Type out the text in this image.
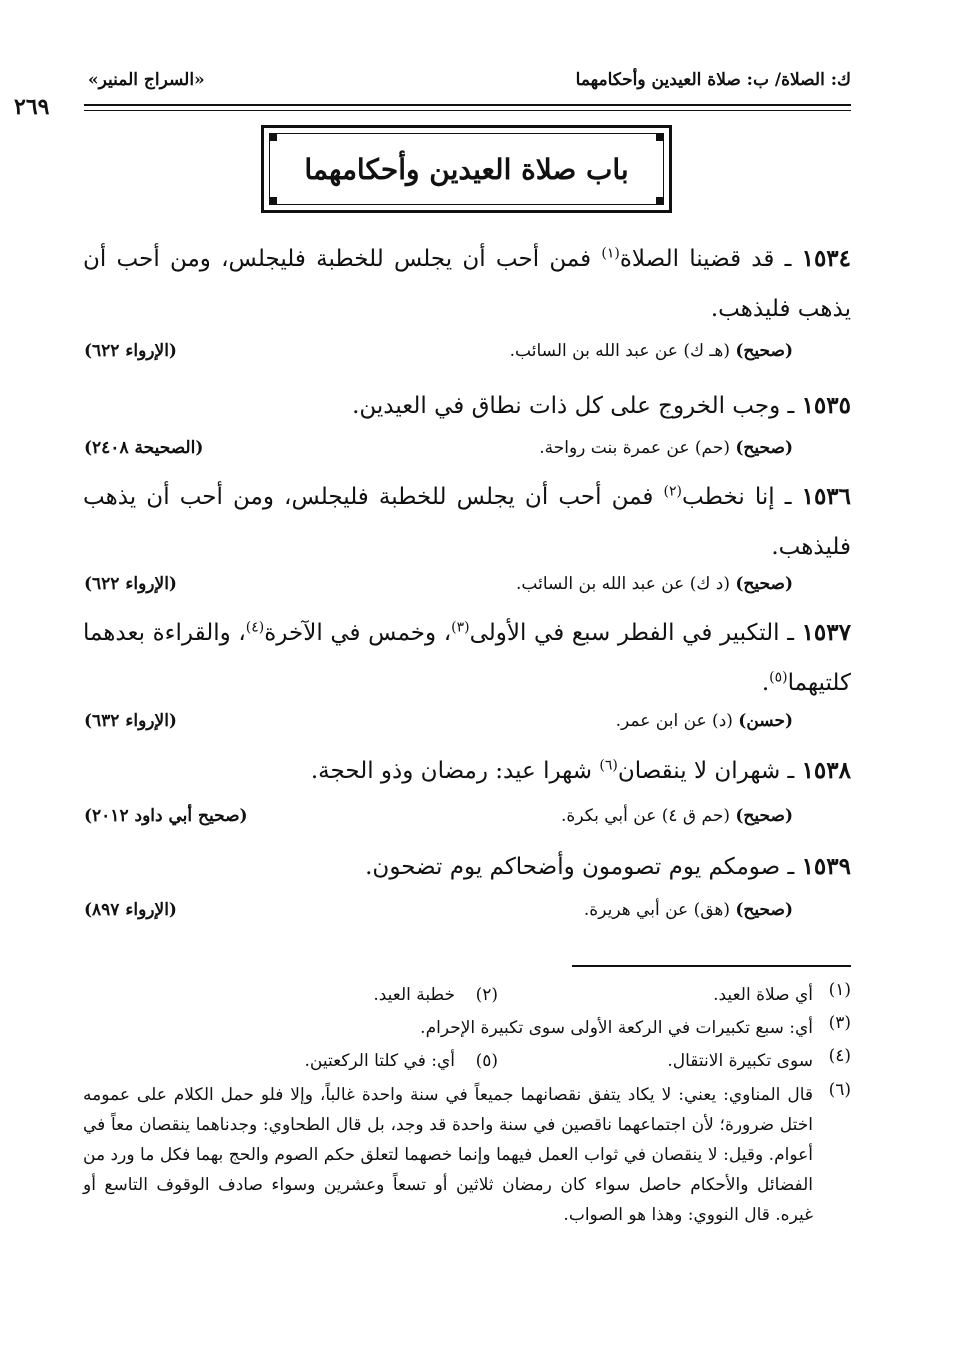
ك: الصلاة/ ب: صلاة العيدين وأحكامهما
«السراج المنير»
٢٦٩
باب صلاة العيدين وأحكامهما
١٥٣٤ ـ قد قضينا الصلاة$^{(١)}$ فمن أحب أن يجلس للخطبة فليجلس، ومن أحب أن يذهب فليذهب.
(صحيح) (هـ ك) عن عبد الله بن السائب.
(الإرواء ٦٢٢)
١٥٣٥ ـ وجب الخروج على كل ذات نطاق في العيدين.
(صحيح) (حم) عن عمرة بنت رواحة.
(الصحيحة ٢٤٠٨)
١٥٣٦ ـ إنا نخطب$^{(٢)}$ فمن أحب أن يجلس للخطبة فليجلس، ومن أحب أن يذهب فليذهب.
(صحيح) (د ك) عن عبد الله بن السائب.
(الإرواء ٦٢٢)
١٥٣٧ ـ التكبير في الفطر سبع في الأولى$^{(٣)}$، وخمس في الآخرة$^{(٤)}$، والقراءة بعدهما كلتيهما$^{(٥)}$.
(حسن) (د) عن ابن عمر.
(الإرواء ٦٣٢)
١٥٣٨ ـ شهران لا ينقصان$^{(٦)}$ شهرا عيد: رمضان وذو الحجة.
(صحيح) (حم ق ٤) عن أبي بكرة.
(صحيح أبي داود ٢٠١٢)
١٥٣٩ ـ صومكم يوم تصومون وأضحاكم يوم تضحون.
(صحيح) (هق) عن أبي هريرة.
(الإرواء ٨٩٧)
(١)
أي صلاة العيد.
(٢)
خطبة العيد.
(٣)
أي: سبع تكبيرات في الركعة الأولى سوى تكبيرة الإحرام.
(٤)
سوى تكبيرة الانتقال.
(٥)
أي: في كلتا الركعتين.
(٦)
قال المناوي: يعني: لا يكاد يتفق نقصانهما جميعاً في سنة واحدة غالباً، وإلا فلو حمل الكلام على عمومه اختل ضرورة؛ لأن اجتماعهما ناقصين في سنة واحدة قد وجد، بل قال الطحاوي: وجدناهما ينقصان معاً في أعوام. وقيل: لا ينقصان في ثواب العمل فيهما وإنما خصهما لتعلق حكم الصوم والحج بهما فكل ما ورد من الفضائل والأحكام حاصل سواء كان رمضان ثلاثين أو تسعاً وعشرين وسواء صادف الوقوف التاسع أو غيره. قال النووي: وهذا هو الصواب.
